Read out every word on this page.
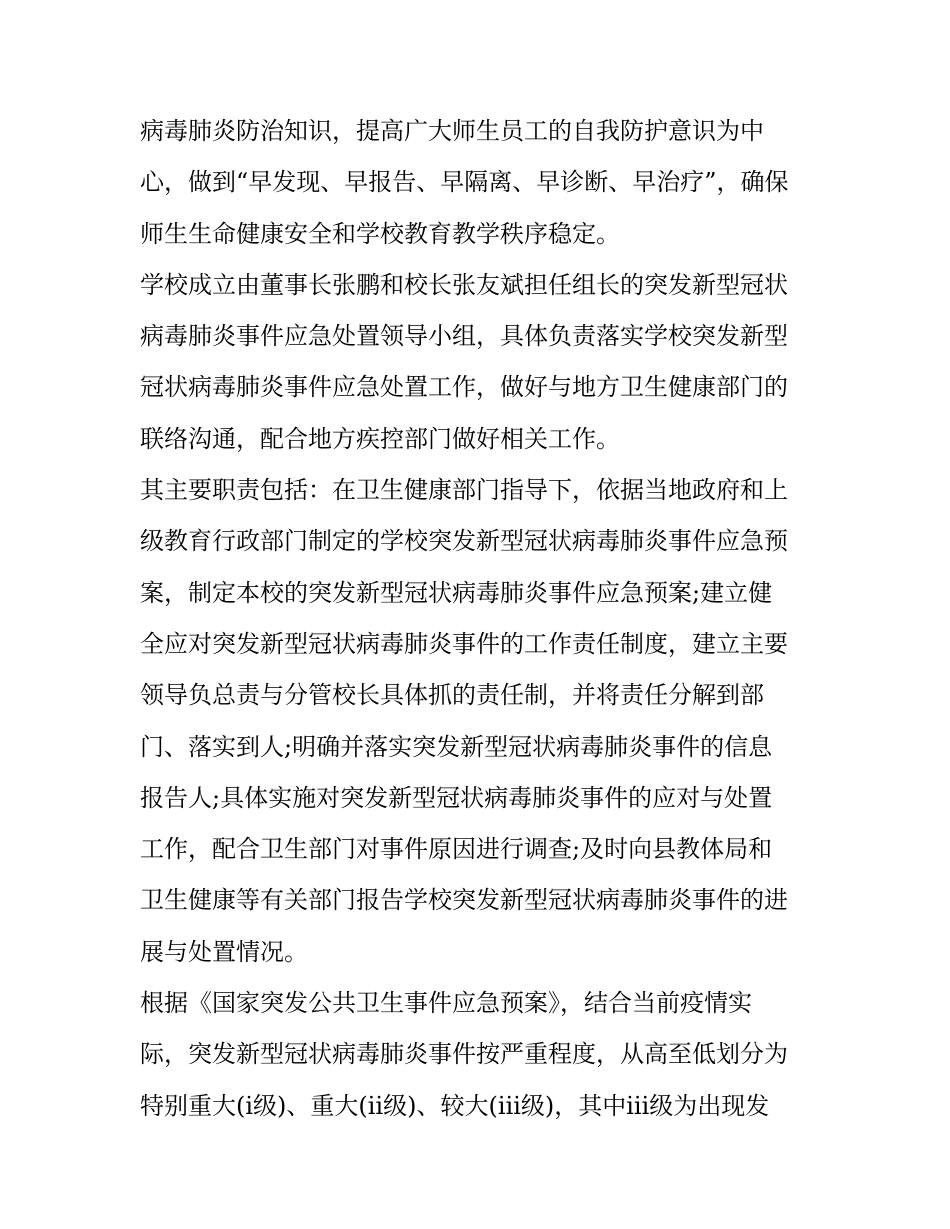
病毒肺炎防治知识，提高广大师生员工的自我防护意识为中
心，做到“早发现、早报告、早隔离、早诊断、早治疗”，确保
师生生命健康安全和学校教育教学秩序稳定。
学校成立由董事长张鹏和校长张友斌担任组长的突发新型冠状
病毒肺炎事件应急处置领导小组，具体负责落实学校突发新型
冠状病毒肺炎事件应急处置工作，做好与地方卫生健康部门的
联络沟通，配合地方疾控部门做好相关工作。
其主要职责包括：在卫生健康部门指导下，依据当地政府和上
级教育行政部门制定的学校突发新型冠状病毒肺炎事件应急预
案，制定本校的突发新型冠状病毒肺炎事件应急预案;建立健
全应对突发新型冠状病毒肺炎事件的工作责任制度，建立主要
领导负总责与分管校长具体抓的责任制，并将责任分解到部
门、落实到人;明确并落实突发新型冠状病毒肺炎事件的信息
报告人;具体实施对突发新型冠状病毒肺炎事件的应对与处置
工作，配合卫生部门对事件原因进行调查;及时向县教体局和
卫生健康等有关部门报告学校突发新型冠状病毒肺炎事件的进
展与处置情况。
根据《国家突发公共卫生事件应急预案》，结合当前疫情实
际，突发新型冠状病毒肺炎事件按严重程度，从高至低划分为
特别重大(ⅰ级)、重大(ⅱ级)、较大(ⅲ级)，其中ⅲ级为出现发
